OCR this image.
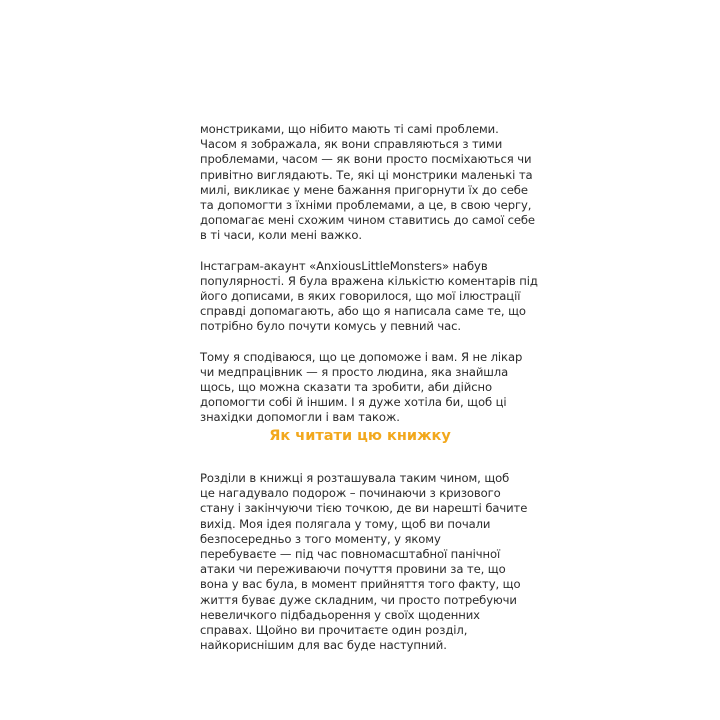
монстриками, що нібито мають ті самі проблеми.
Часом я зображала, як вони справляються з тими
проблемами, часом — як вони просто посміхаються чи
привітно виглядають. Те, які ці монстрики маленькі та
милі, викликає у мене бажання пригорнути їх до себе
та допомогти з їхніми проблемами, а це, в свою чергу,
допомагає мені схожим чином ставитись до самої себе
в ті часи, коли мені важко.

Інстаграм-акаунт «AnxiousLittleMonsters» набув
популярності. Я була вражена кількістю коментарів під
його дописами, в яких говорилося, що мої ілюстрації
справді допомагають, або що я написала саме те, що
потрібно було почути комусь у певний час.

Тому я сподіваюся, що це допоможе і вам. Я не лікар
чи медпрацівник — я просто людина, яка знайшла
щось, що можна сказати та зробити, аби дійсно
допомогти собі й іншим. І я дуже хотіла би, щоб ці
знахідки допомогли і вам також.

Як читати цю книжку

Розділи в книжці я розташувала таким чином, щоб
це нагадувало подорож – починаючи з кризового
стану і закінчуючи тією точкою, де ви нарешті бачите
вихід. Моя ідея полягала у тому, щоб ви почали
безпосередньо з того моменту, у якому
перебуваєте — під час повномасштабної панічної
атаки чи переживаючи почуття провини за те, що
вона у вас була, в момент прийняття того факту, що
життя буває дуже складним, чи просто потребуючи
невеличкого підбадьорення у своїх щоденних
справах. Щойно ви прочитаєте один розділ,
найкориснішим для вас буде наступний.
